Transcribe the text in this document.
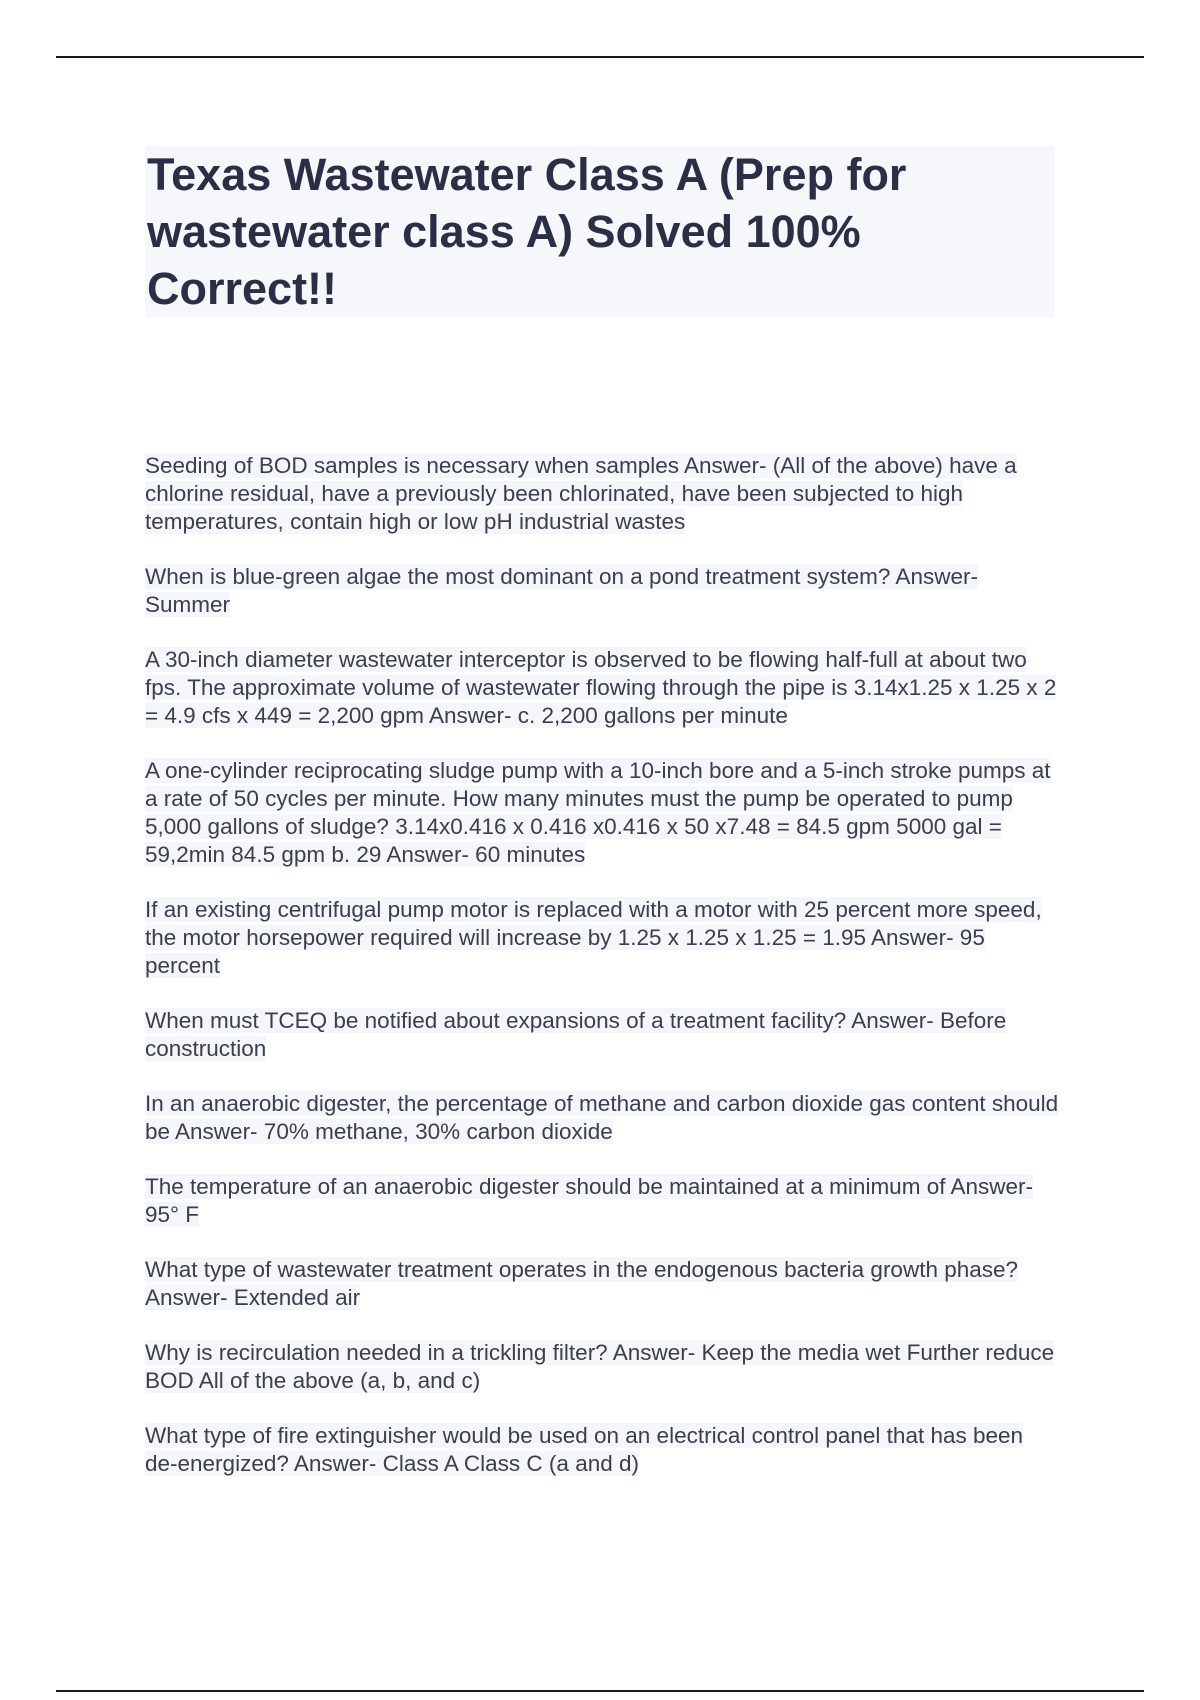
Texas Wastewater Class A (Prep for wastewater class A) Solved 100% Correct!!

Seeding of BOD samples is necessary when samples Answer- (All of the above) have a chlorine residual, have a previously been chlorinated, have been subjected to high temperatures, contain high or low pH industrial wastes

When is blue-green algae the most dominant on a pond treatment system? Answer- Summer

A 30-inch diameter wastewater interceptor is observed to be flowing half-full at about two fps. The approximate volume of wastewater flowing through the pipe is 3.14x1.25 x 1.25 x 2 = 4.9 cfs x 449 = 2,200 gpm Answer- c. 2,200 gallons per minute

A one-cylinder reciprocating sludge pump with a 10-inch bore and a 5-inch stroke pumps at a rate of 50 cycles per minute. How many minutes must the pump be operated to pump 5,000 gallons of sludge? 3.14x0.416 x 0.416 x0.416 x 50 x7.48 = 84.5 gpm 5000 gal = 59,2min 84.5 gpm b. 29 Answer- 60 minutes

If an existing centrifugal pump motor is replaced with a motor with 25 percent more speed, the motor horsepower required will increase by 1.25 x 1.25 x 1.25 = 1.95 Answer- 95 percent

When must TCEQ be notified about expansions of a treatment facility? Answer- Before construction

In an anaerobic digester, the percentage of methane and carbon dioxide gas content should be Answer- 70% methane, 30% carbon dioxide

The temperature of an anaerobic digester should be maintained at a minimum of Answer- 95° F

What type of wastewater treatment operates in the endogenous bacteria growth phase? Answer- Extended air

Why is recirculation needed in a trickling filter? Answer- Keep the media wet Further reduce BOD All of the above (a, b, and c)

What type of fire extinguisher would be used on an electrical control panel that has been de-energized? Answer- Class A Class C (a and d)
